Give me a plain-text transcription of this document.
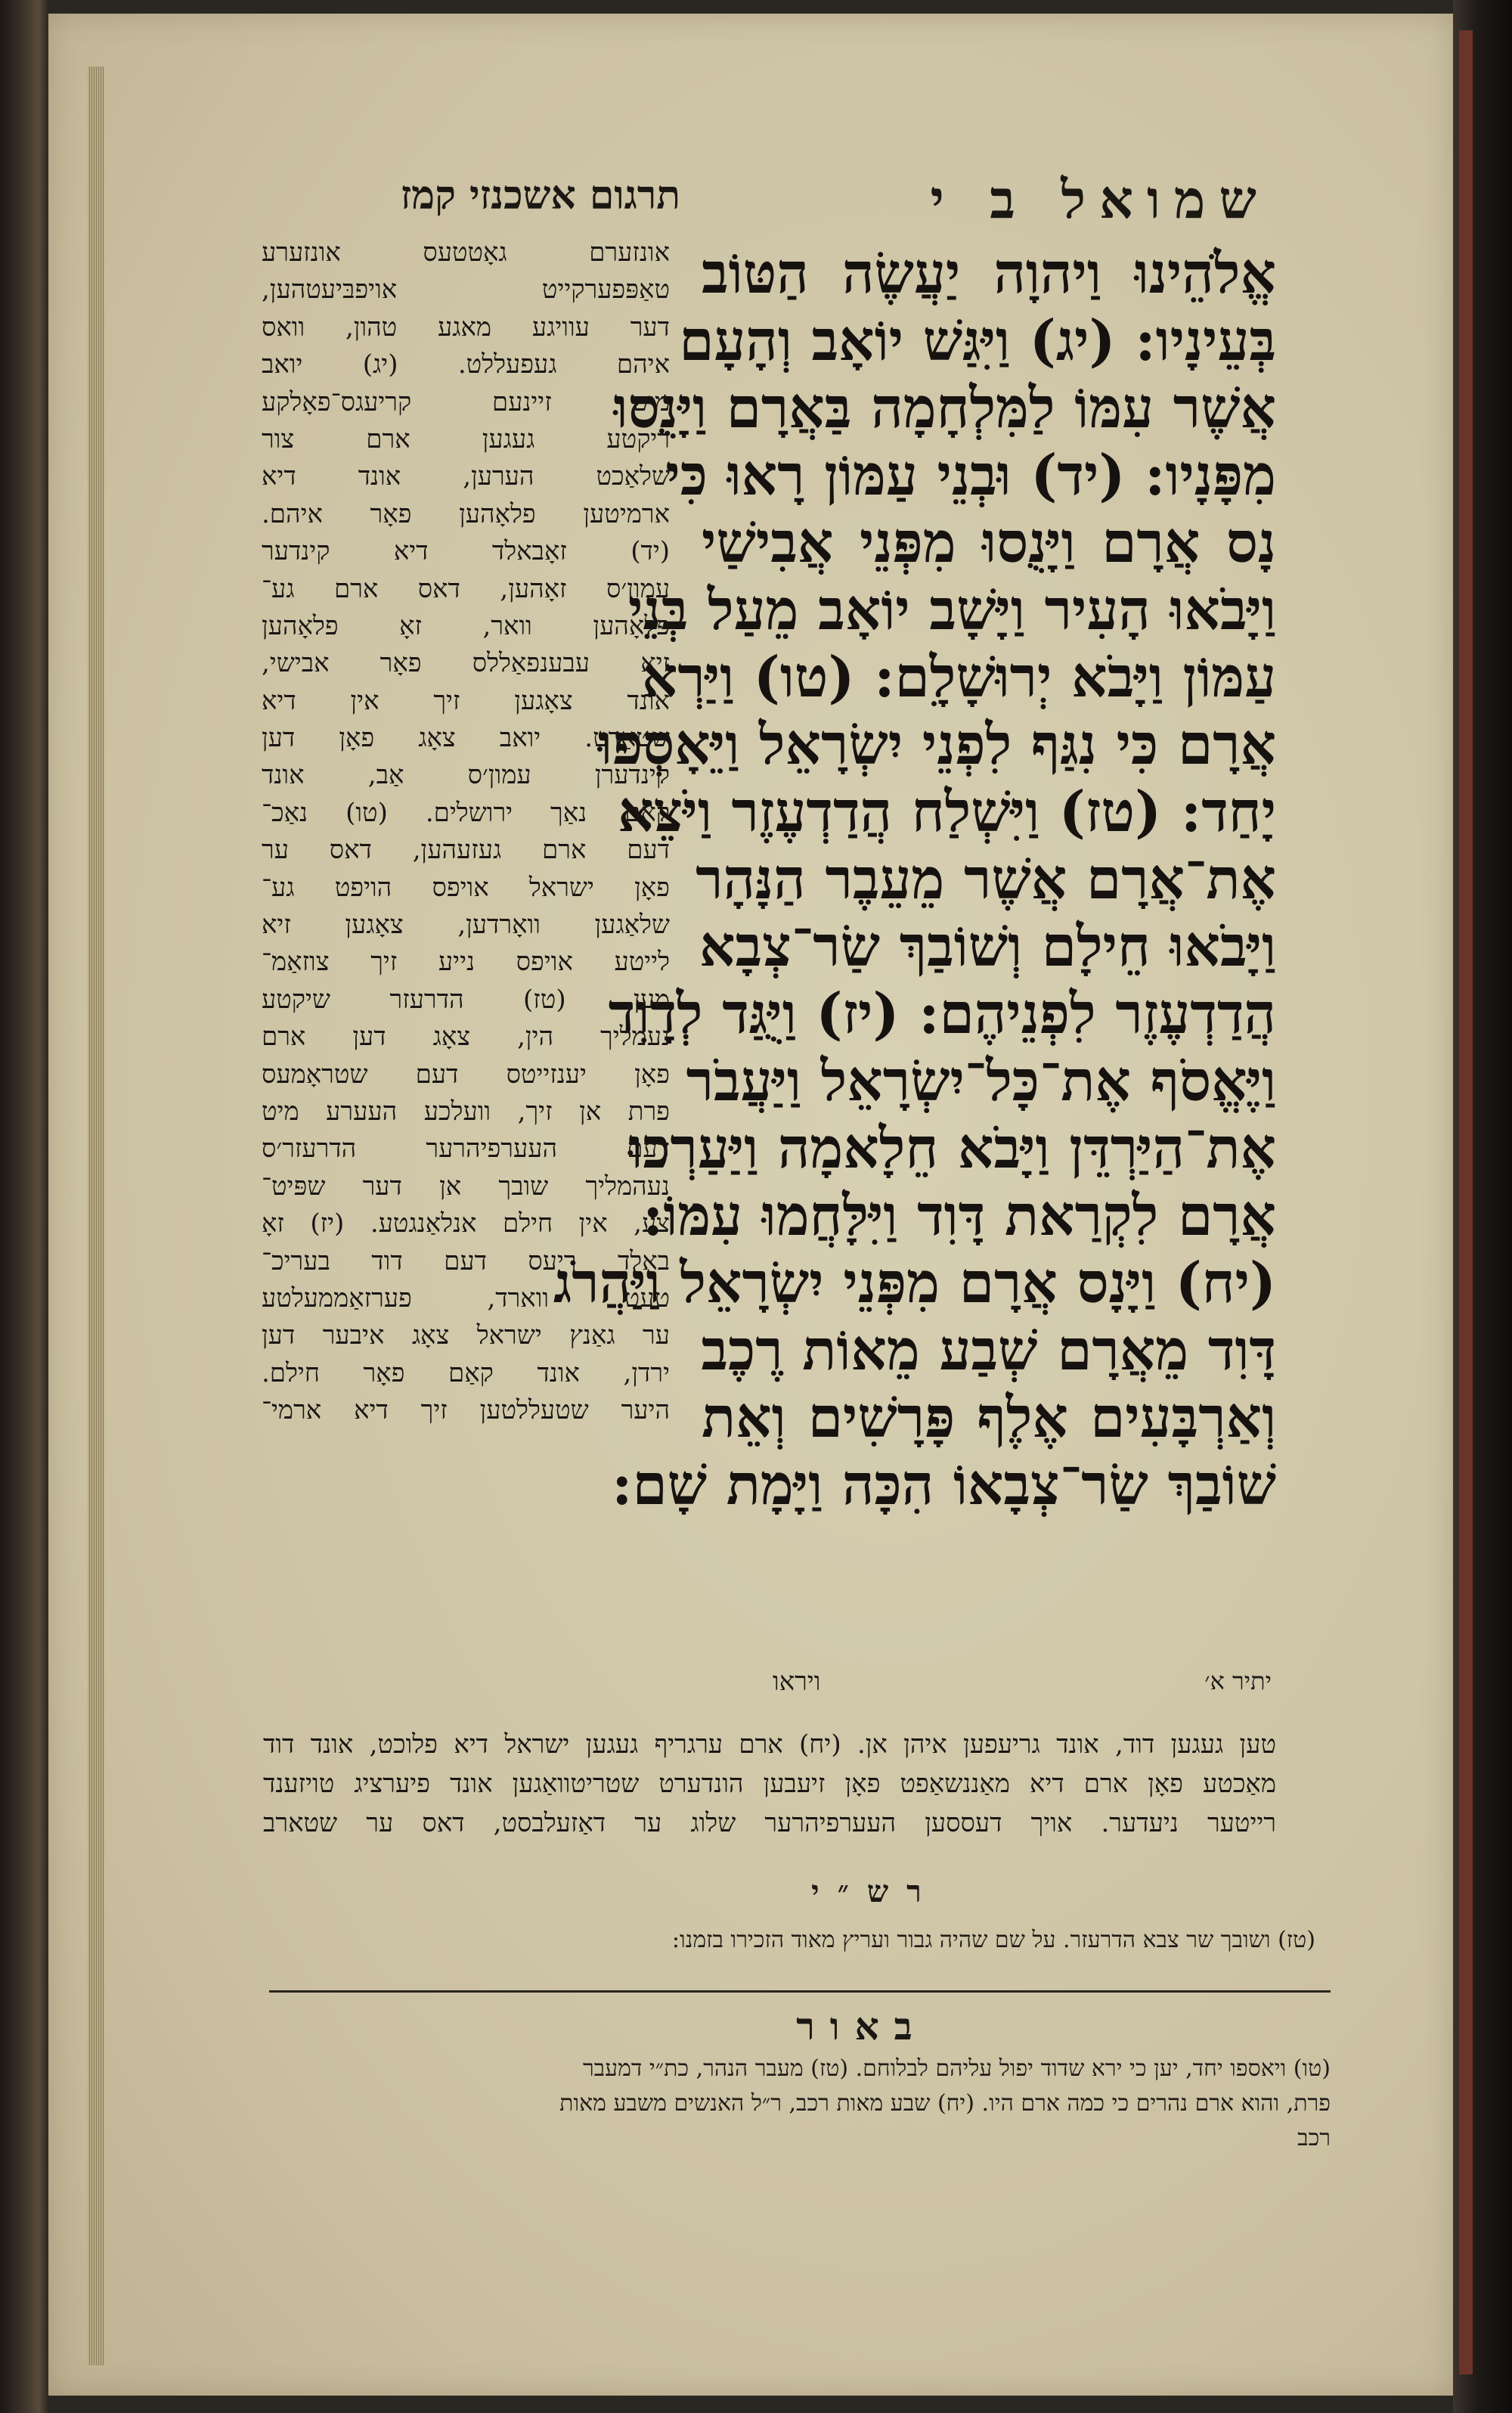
שמואל ב י
תרגום אשכנזי קמז
אֱלֹהֵינוּ וַיהוָה יַעֲשֶׂה הַטּוֹב
בְּעֵינָיו: (יג) וַיִּגַּשׁ יוֹאָב וְהָעָם
אֲשֶׁר עִמּוֹ לַמִּלְחָמָה בַּאֲרָם וַיָּנֻסוּ
מִפָּנָיו: (יד) וּבְנֵי עַמּוֹן רָאוּ כִּי
נָס אֲרָם וַיָּנֻסוּ מִפְּנֵי אֲבִישַׁי
וַיָּבֹאוּ הָעִיר וַיָּשָׁב יוֹאָב מֵעַל בְּנֵי
עַמּוֹן וַיָּבֹא יְרוּשָׁלִָם: (טו) וַיַּרְא
אֲרָם כִּי נִגַּף לִפְנֵי יִשְׂרָאֵל וַיֵּאָסְפוּ
יָחַד: (טז) וַיִּשְׁלַח הֲדַדְעֶזֶר וַיֹּצֵא
אֶת־אֲרָם אֲשֶׁר מֵעֵבֶר הַנָּהָר
וַיָּבֹאוּ חֵילָם וְשׁוֹבַךְ שַׂר־צְבָא
הֲדַדְעֶזֶר לִפְנֵיהֶם: (יז) וַיֻּגַּד לְדָוִד
וַיֶּאֱסֹף אֶת־כָּל־יִשְׂרָאֵל וַיַּעֲבֹר
אֶת־הַיַּרְדֵּן וַיָּבֹא חֵלָאמָה וַיַּעַרְכוּ
אֲרָם לִקְרַאת דָּוִד וַיִּלָּחֲמוּ עִמּוֹ:
(יח) וַיָּנָס אֲרָם מִפְּנֵי יִשְׂרָאֵל וַיַּהֲרֹג
דָּוִד מֵאֲרָם שְׁבַע מֵאוֹת רֶכֶב
וְאַרְבָּעִים אֶלֶף פָּרָשִׁים וְאֵת
שׁוֹבַךְ שַׂר־צְבָאוֹ הִכָּה וַיָּמָת שָׁם:
אונזערם גאָטטעס אונזערע
טאַפּפערקייט אויפבּיעטהען,
דער עוויגע מאגע טהון, וואס
איהם געפעללט. (יג) יואב
מיט זיינעם קריעגס־פאָלקע
ריקטע געגען ארם צור
שלאַכט הערען, אונד דיא
ארמיטען פלאָהען פאָר איהם.
(יד) זאָבאלד דיא קינדער
עמון׳ס זאָהען, דאס ארם גע־
פלאָהען וואר, זאָ פלאָהען
זיא עבענפאַללס פאָר אבישי,
אונד צאָגען זיך אין דיא
שטאַדט. יואב צאָג פאָן דען
קינדערן עמון׳ס אַב, אונד
קאַם נאַך ירושלים. (טו) נאַכ־
דעם ארם געזעהען, דאס ער
פאָן ישראל אויפס הויפט גע־
שלאַגען וואָרדען, צאָגען זיא
לייטע אויפס נייע זיך צוזאַמ־
מען. (טז) הדרעזר שיקטע
נעמליך הין, צאָג דען ארם
פאָן יענזייטס דעם שטראָמעס
פרת אן זיך, וועלכע העערע מיט
דעם העערפיהרער הדרעזר׳ס
נעהמליך שובך אן דער שפּיט־
צע, אין חילם אנלאַנגטע. (יז) זאָ
באלד ריעס דעם דוד בעריכ־
טעט ווארד, פערזאַממעלטע
ער גאַנץ ישראל צאָג איבער דען
ירדן, אונד קאַם פאָר חילם.
היער שטעללטען זיך דיא ארמי־
ויראו	יתיר א׳
טען געגען דוד, אונד גריעפען איהן אן. (יח) ארם ערגריף געגען ישראל דיא פלוכט, אונד דוד
מאַכטע פאָן ארם דיא מאַננשאַפט פאָן זיעבען הונדערט שטריטוואַגען אונד פיערציג טויזענד
רייטער ניעדער. אויך דעססען העערפיהרער שלוג ער דאַזעלבסט, דאס ער שטארב
רש״י
(טז) ושובך שר צבא הדרעזר. על שם שהיה גבור ועריץ מאוד הזכירו בזמנו:
באור
(טו) ויאספו יחד, יען כי ירא שדוד יפול עליהם לבלוחם. (טז) מעבר הנהר, כת״י דמעבר
פרת, והוא ארם נהרים כי כמה ארם היו. (יח) שבע מאות רכב, ר״ל האנשים משבע מאות
רכב
